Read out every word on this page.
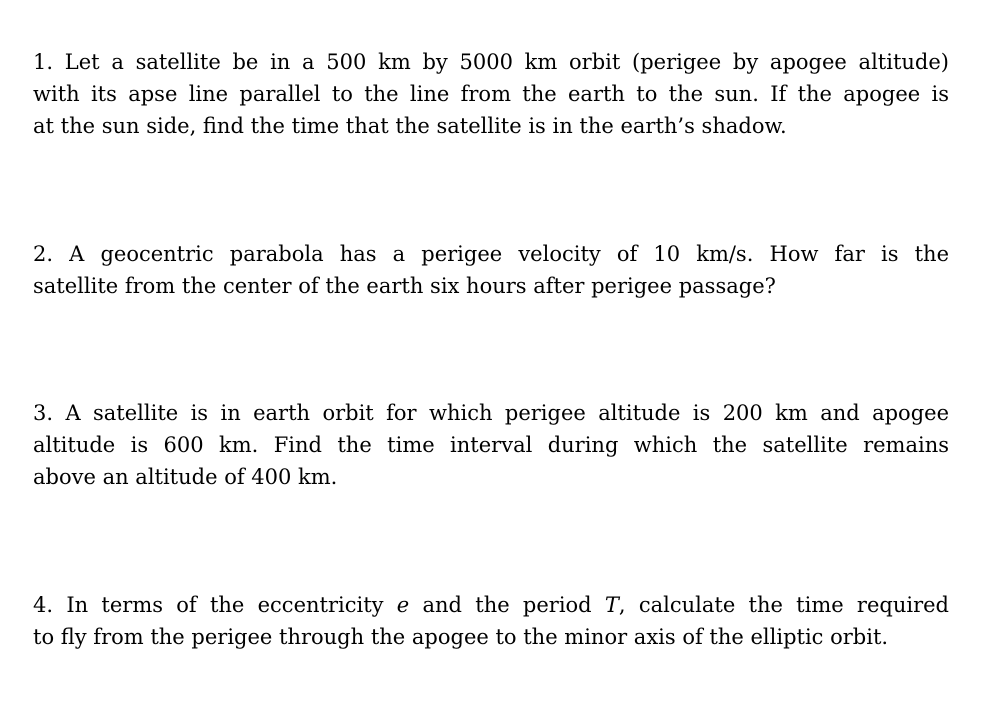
1. Let a satellite be in a 500 km by 5000 km orbit (perigee by apogee altitude)
with its apse line parallel to the line from the earth to the sun. If the apogee is
at the sun side, find the time that the satellite is in the earth’s shadow.
2. A geocentric parabola has a perigee velocity of 10 km/s. How far is the
satellite from the center of the earth six hours after perigee passage?
3. A satellite is in earth orbit for which perigee altitude is 200 km and apogee
altitude is 600 km. Find the time interval during which the satellite remains
above an altitude of 400 km.
4. In terms of the eccentricity e and the period T, calculate the time required
to fly from the perigee through the apogee to the minor axis of the elliptic orbit.
